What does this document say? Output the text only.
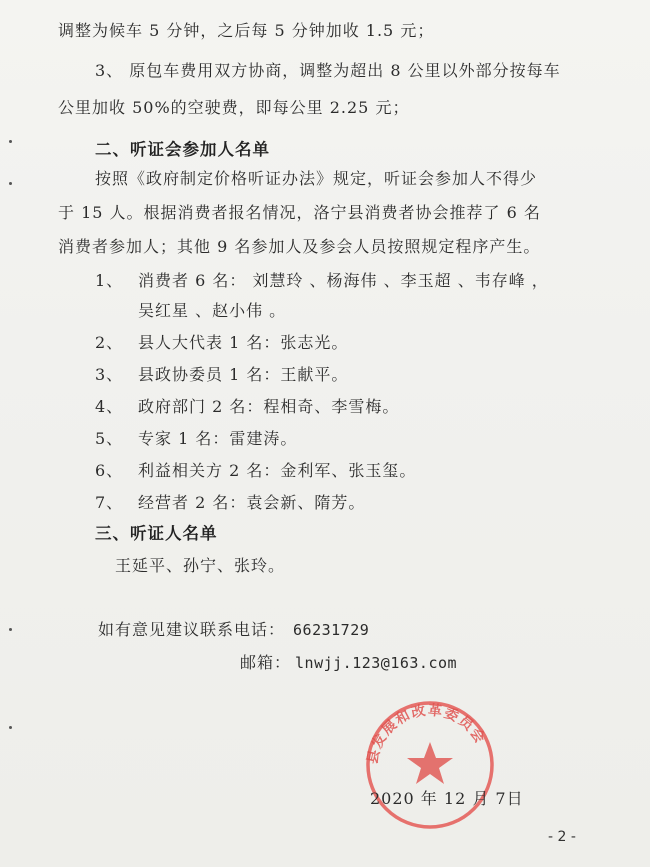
调整为候车 5 分钟，之后每 5 分钟加收 1.5 元；
3、 原包车费用双方协商，调整为超出 8 公里以外部分按每车
公里加收 50%的空驶费，即每公里 2.25 元；
二、听证会参加人名单
按照《政府制定价格听证办法》规定，听证会参加人不得少
于 15 人。根据消费者报名情况，洛宁县消费者协会推荐了 6 名
消费者参加人；其他 9 名参加人及参会人员按照规定程序产生。
1、 消费者 6 名： 刘慧玲 、杨海伟 、李玉超 、韦存峰 ，
吴红星 、赵小伟 。
2、 县人大代表 1 名：张志光。
3、 县政协委员 1 名：王献平。
4、 政府部门 2 名：程相奇、李雪梅。
5、 专家 1 名：雷建涛。
6、 利益相关方 2 名：金利军、张玉玺。
7、 经营者 2 名：袁会新、隋芳。
三、听证人名单
王延平、孙宁、张玲。
如有意见建议联系电话： 66231729
邮箱： lnwjj.123@163.com
县发展和改革委员会
2020 年 12 月 7日
- 2 -
